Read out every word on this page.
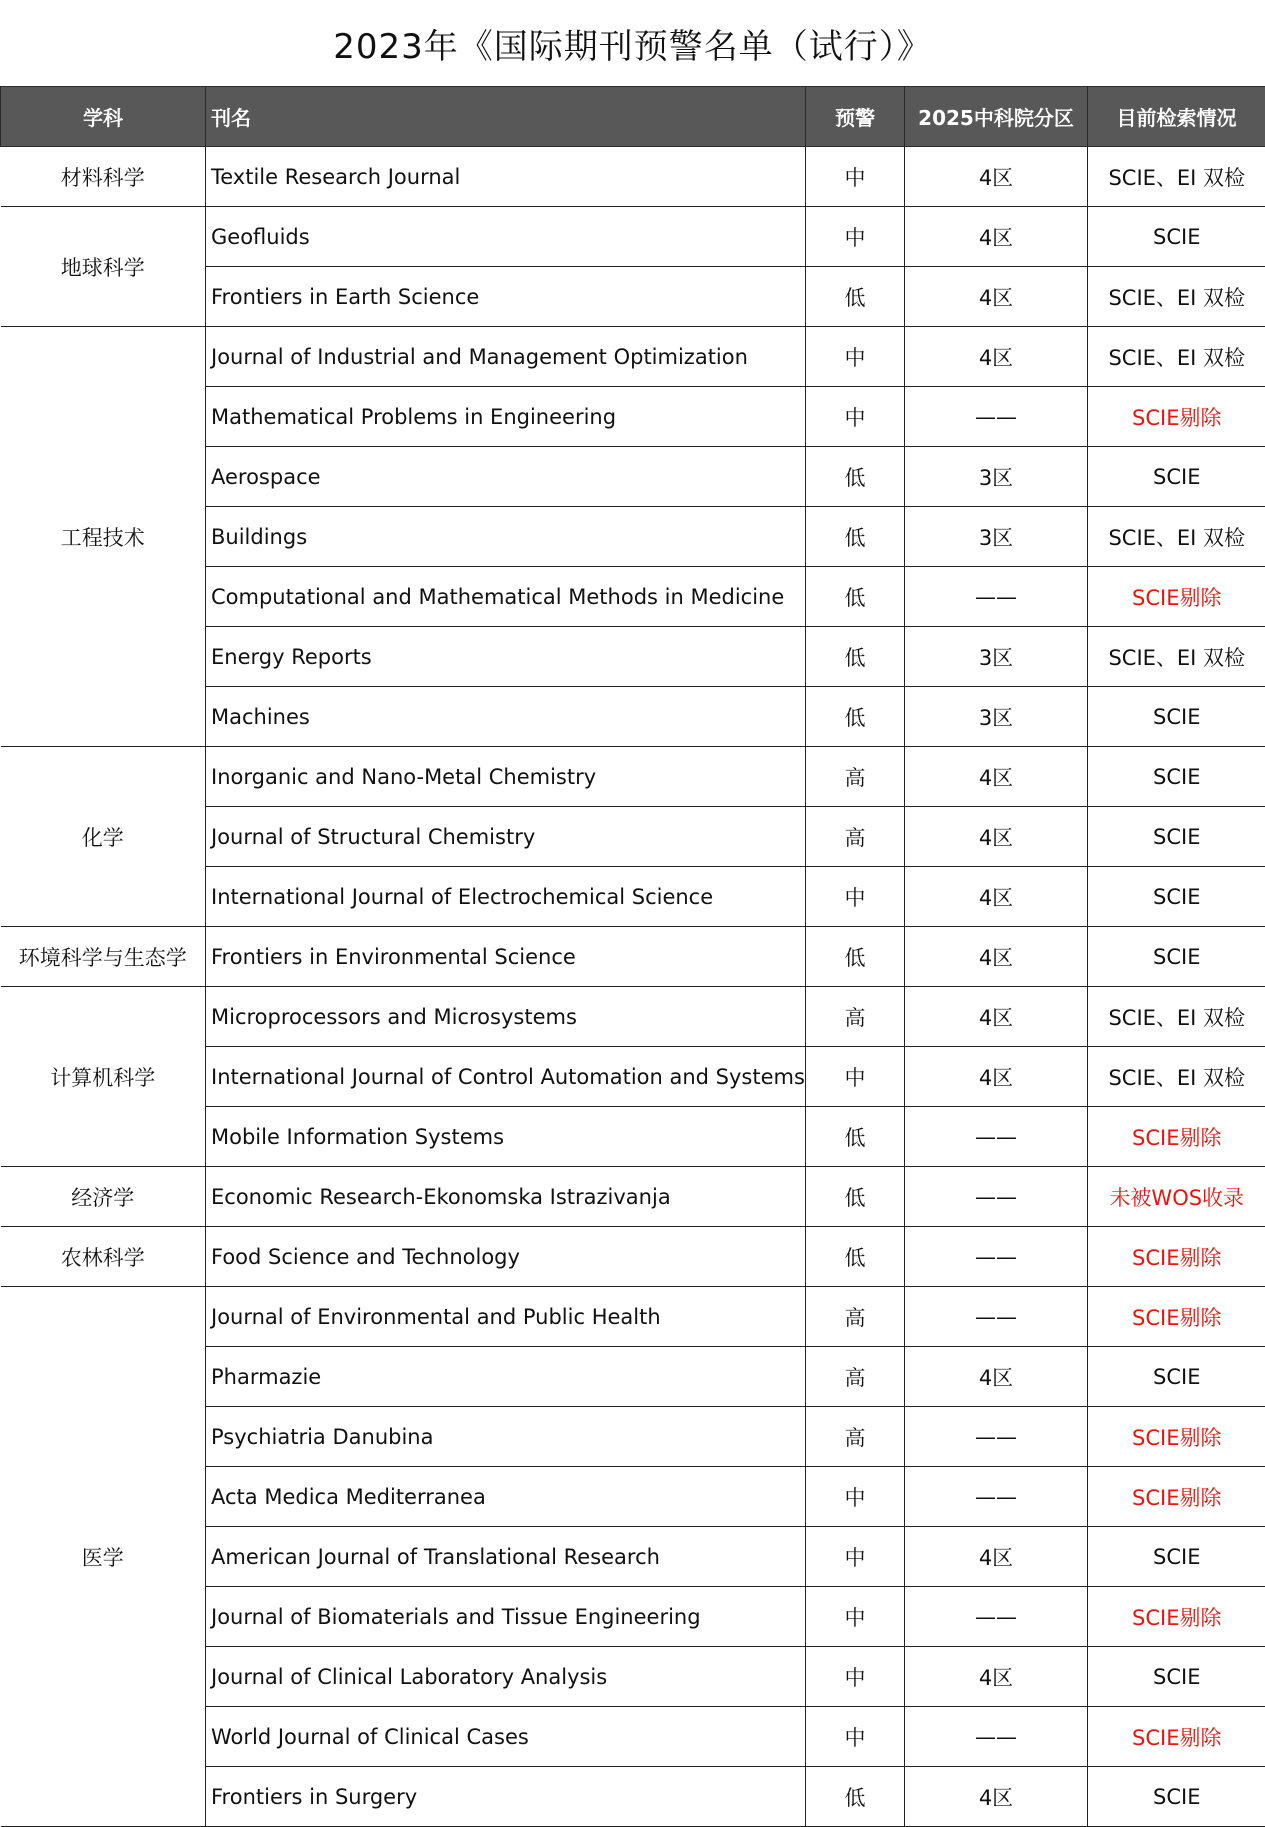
2023年《国际期刊预警名单（试行）》
学科	刊名	预警	2025中科院分区	目前检索情况
材料科学	Textile Research Journal	中	4区	SCIE、EI 双检
地球科学	Geofluids	中	4区	SCIE
	Frontiers in Earth Science	低	4区	SCIE、EI 双检
工程技术	Journal of Industrial and Management Optimization	中	4区	SCIE、EI 双检
	Mathematical Problems in Engineering	中	——	SCIE剔除
	Aerospace	低	3区	SCIE
	Buildings	低	3区	SCIE、EI 双检
	Computational and Mathematical Methods in Medicine	低	——	SCIE剔除
	Energy Reports	低	3区	SCIE、EI 双检
	Machines	低	3区	SCIE
化学	Inorganic and Nano-Metal Chemistry	高	4区	SCIE
	Journal of Structural Chemistry	高	4区	SCIE
	International Journal of Electrochemical Science	中	4区	SCIE
环境科学与生态学	Frontiers in Environmental Science	低	4区	SCIE
计算机科学	Microprocessors and Microsystems	高	4区	SCIE、EI 双检
	International Journal of Control Automation and Systems	中	4区	SCIE、EI 双检
	Mobile Information Systems	低	——	SCIE剔除
经济学	Economic Research-Ekonomska Istrazivanja	低	——	未被WOS收录
农林科学	Food Science and Technology	低	——	SCIE剔除
医学	Journal of Environmental and Public Health	高	——	SCIE剔除
	Pharmazie	高	4区	SCIE
	Psychiatria Danubina	高	——	SCIE剔除
	Acta Medica Mediterranea	中	——	SCIE剔除
	American Journal of Translational Research	中	4区	SCIE
	Journal of Biomaterials and Tissue Engineering	中	——	SCIE剔除
	Journal of Clinical Laboratory Analysis	中	4区	SCIE
	World Journal of Clinical Cases	中	——	SCIE剔除
	Frontiers in Surgery	低	4区	SCIE
